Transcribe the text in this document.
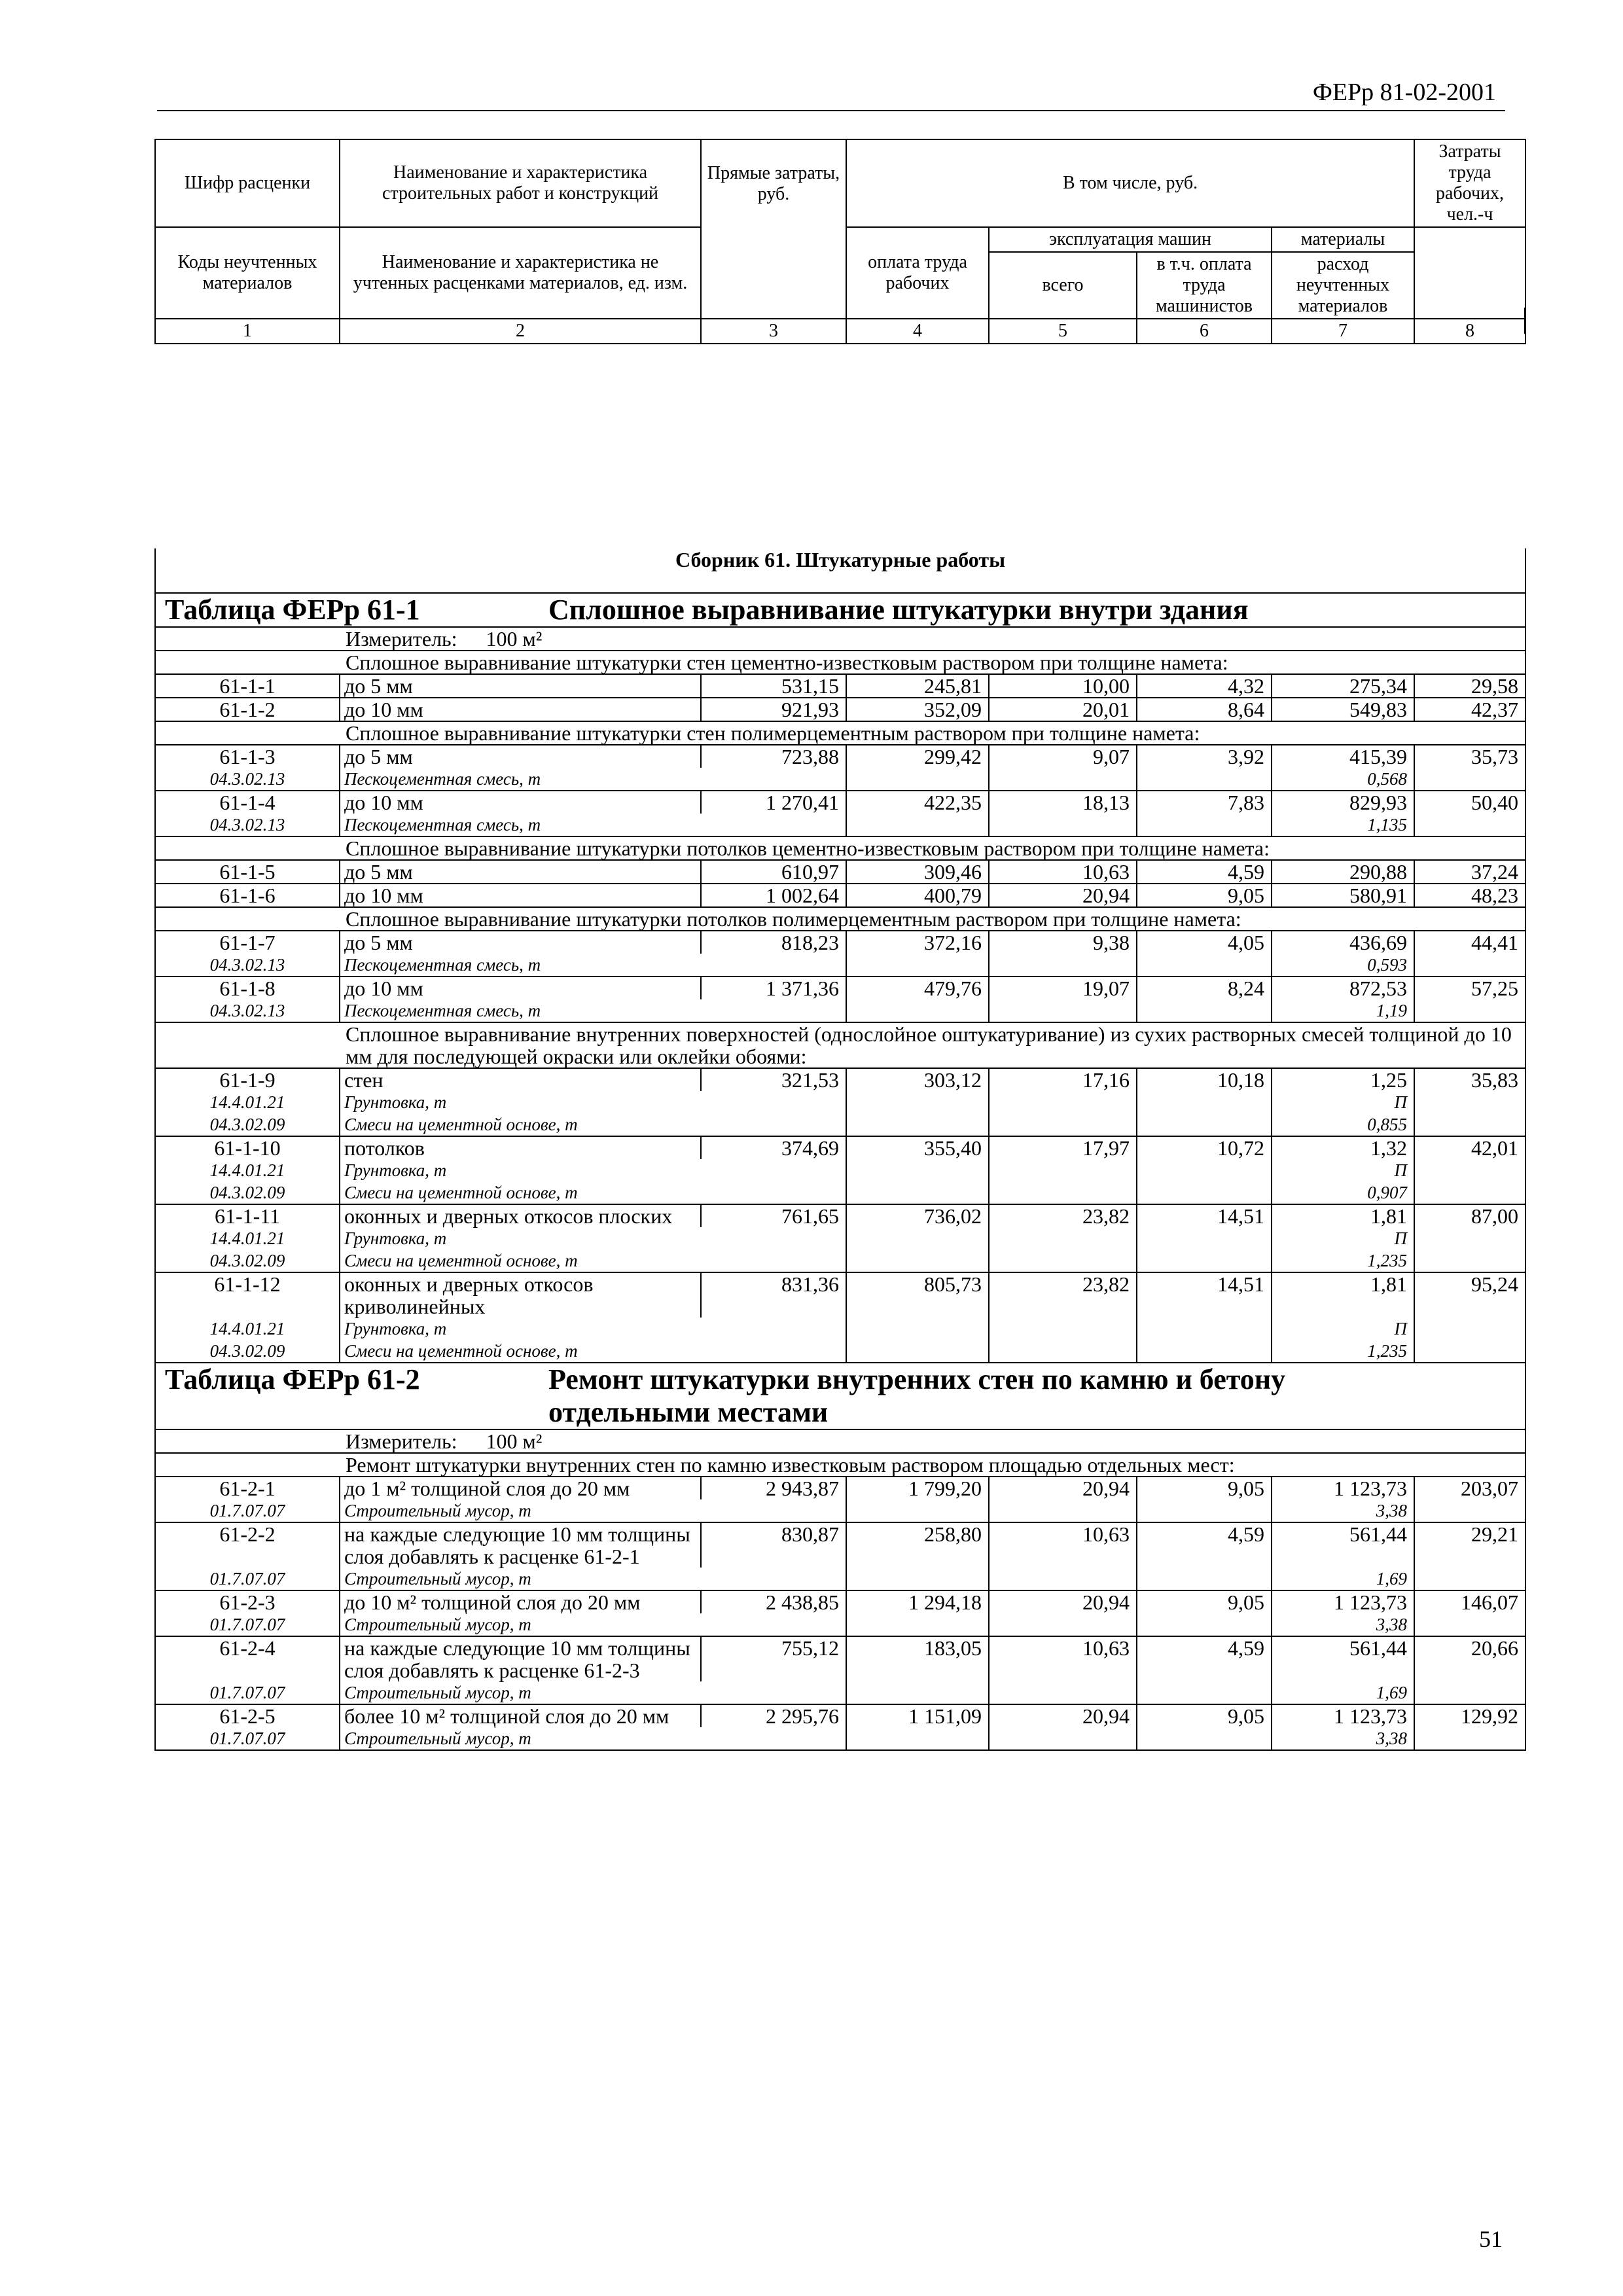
ФЕРр 81-02-2001
Шифр расценки	Наименование и характеристика строительных работ и конструкций	Прямые затраты, руб.	В том числе, руб.				Затраты труда рабочих, чел.-ч

Коды неучтенных материалов	Наименование и характеристика не учтенных расценками материалов, ед. изм.		оплата труда рабочих	эксплуатация машин		материалы	
				всего	в т.ч. оплата труда машинистов	расход неучтенных материалов	
1	2	3	4	5	6	7	8
Сборник 61. Штукатурные работы							
Таблица ФЕРр 61-1 Сплошное выравнивание штукатурки внутри здания							
Измеритель: 100 м²							
Сплошное выравнивание штукатурки стен цементно-известковым раствором при толщине намета:							
61-1-1	до 5 мм	531,15	245,81	10,00	4,32	275,34	29,58
61-1-2	до 10 мм	921,93	352,09	20,01	8,64	549,83	42,37
Сплошное выравнивание штукатурки стен полимерцементным раствором при толщине намета:							
61-1-3	до 5 мм	723,88	299,42	9,07	3,92	415,39	35,73
04.3.02.13	Пескоцементная смесь, т					0,568	
61-1-4	до 10 мм	1 270,41	422,35	18,13	7,83	829,93	50,40
04.3.02.13	Пескоцементная смесь, т					1,135	
Сплошное выравнивание штукатурки потолков цементно-известковым раствором при толщине намета:							
61-1-5	до 5 мм	610,97	309,46	10,63	4,59	290,88	37,24
61-1-6	до 10 мм	1 002,64	400,79	20,94	9,05	580,91	48,23
Сплошное выравнивание штукатурки потолков полимерцементным раствором при толщине намета:							
61-1-7	до 5 мм	818,23	372,16	9,38	4,05	436,69	44,41
04.3.02.13	Пескоцементная смесь, т					0,593	
61-1-8	до 10 мм	1 371,36	479,76	19,07	8,24	872,53	57,25
04.3.02.13	Пескоцементная смесь, т					1,19	
Сплошное выравнивание внутренних поверхностей (однослойное оштукатуривание) из сухих растворных смесей толщиной до 10 мм для последующей окраски или оклейки обоями:							
61-1-9	стен	321,53	303,12	17,16	10,18	1,25	35,83
14.4.01.21	Грунтовка, т					П	
04.3.02.09	Смеси на цементной основе, т					0,855	
61-1-10	потолков	374,69	355,40	17,97	10,72	1,32	42,01
14.4.01.21	Грунтовка, т					П	
04.3.02.09	Смеси на цементной основе, т					0,907	
61-1-11	оконных и дверных откосов плоских	761,65	736,02	23,82	14,51	1,81	87,00
14.4.01.21	Грунтовка, т					П	
04.3.02.09	Смеси на цементной основе, т					1,235	
61-1-12	оконных и дверных откосов криволинейных	831,36	805,73	23,82	14,51	1,81	95,24
14.4.01.21	Грунтовка, т					П	
04.3.02.09	Смеси на цементной основе, т					1,235	
Таблица ФЕРр 61-2 Ремонт штукатурки внутренних стен по камню и бетону отдельными местами							
Измеритель: 100 м²							
Ремонт штукатурки внутренних стен по камню известковым раствором площадью отдельных мест:							
61-2-1	до 1 м² толщиной слоя до 20 мм	2 943,87	1 799,20	20,94	9,05	1 123,73	203,07
01.7.07.07	Строительный мусор, т					3,38	
61-2-2	на каждые следующие 10 мм толщины слоя добавлять к расценке 61-2-1	830,87	258,80	10,63	4,59	561,44	29,21
01.7.07.07	Строительный мусор, т					1,69	
61-2-3	до 10 м² толщиной слоя до 20 мм	2 438,85	1 294,18	20,94	9,05	1 123,73	146,07
01.7.07.07	Строительный мусор, т					3,38	
61-2-4	на каждые следующие 10 мм толщины слоя добавлять к расценке 61-2-3	755,12	183,05	10,63	4,59	561,44	20,66
01.7.07.07	Строительный мусор, т					1,69	
61-2-5	более 10 м² толщиной слоя до 20 мм	2 295,76	1 151,09	20,94	9,05	1 123,73	129,92
01.7.07.07	Строительный мусор, т					3,38	
51
